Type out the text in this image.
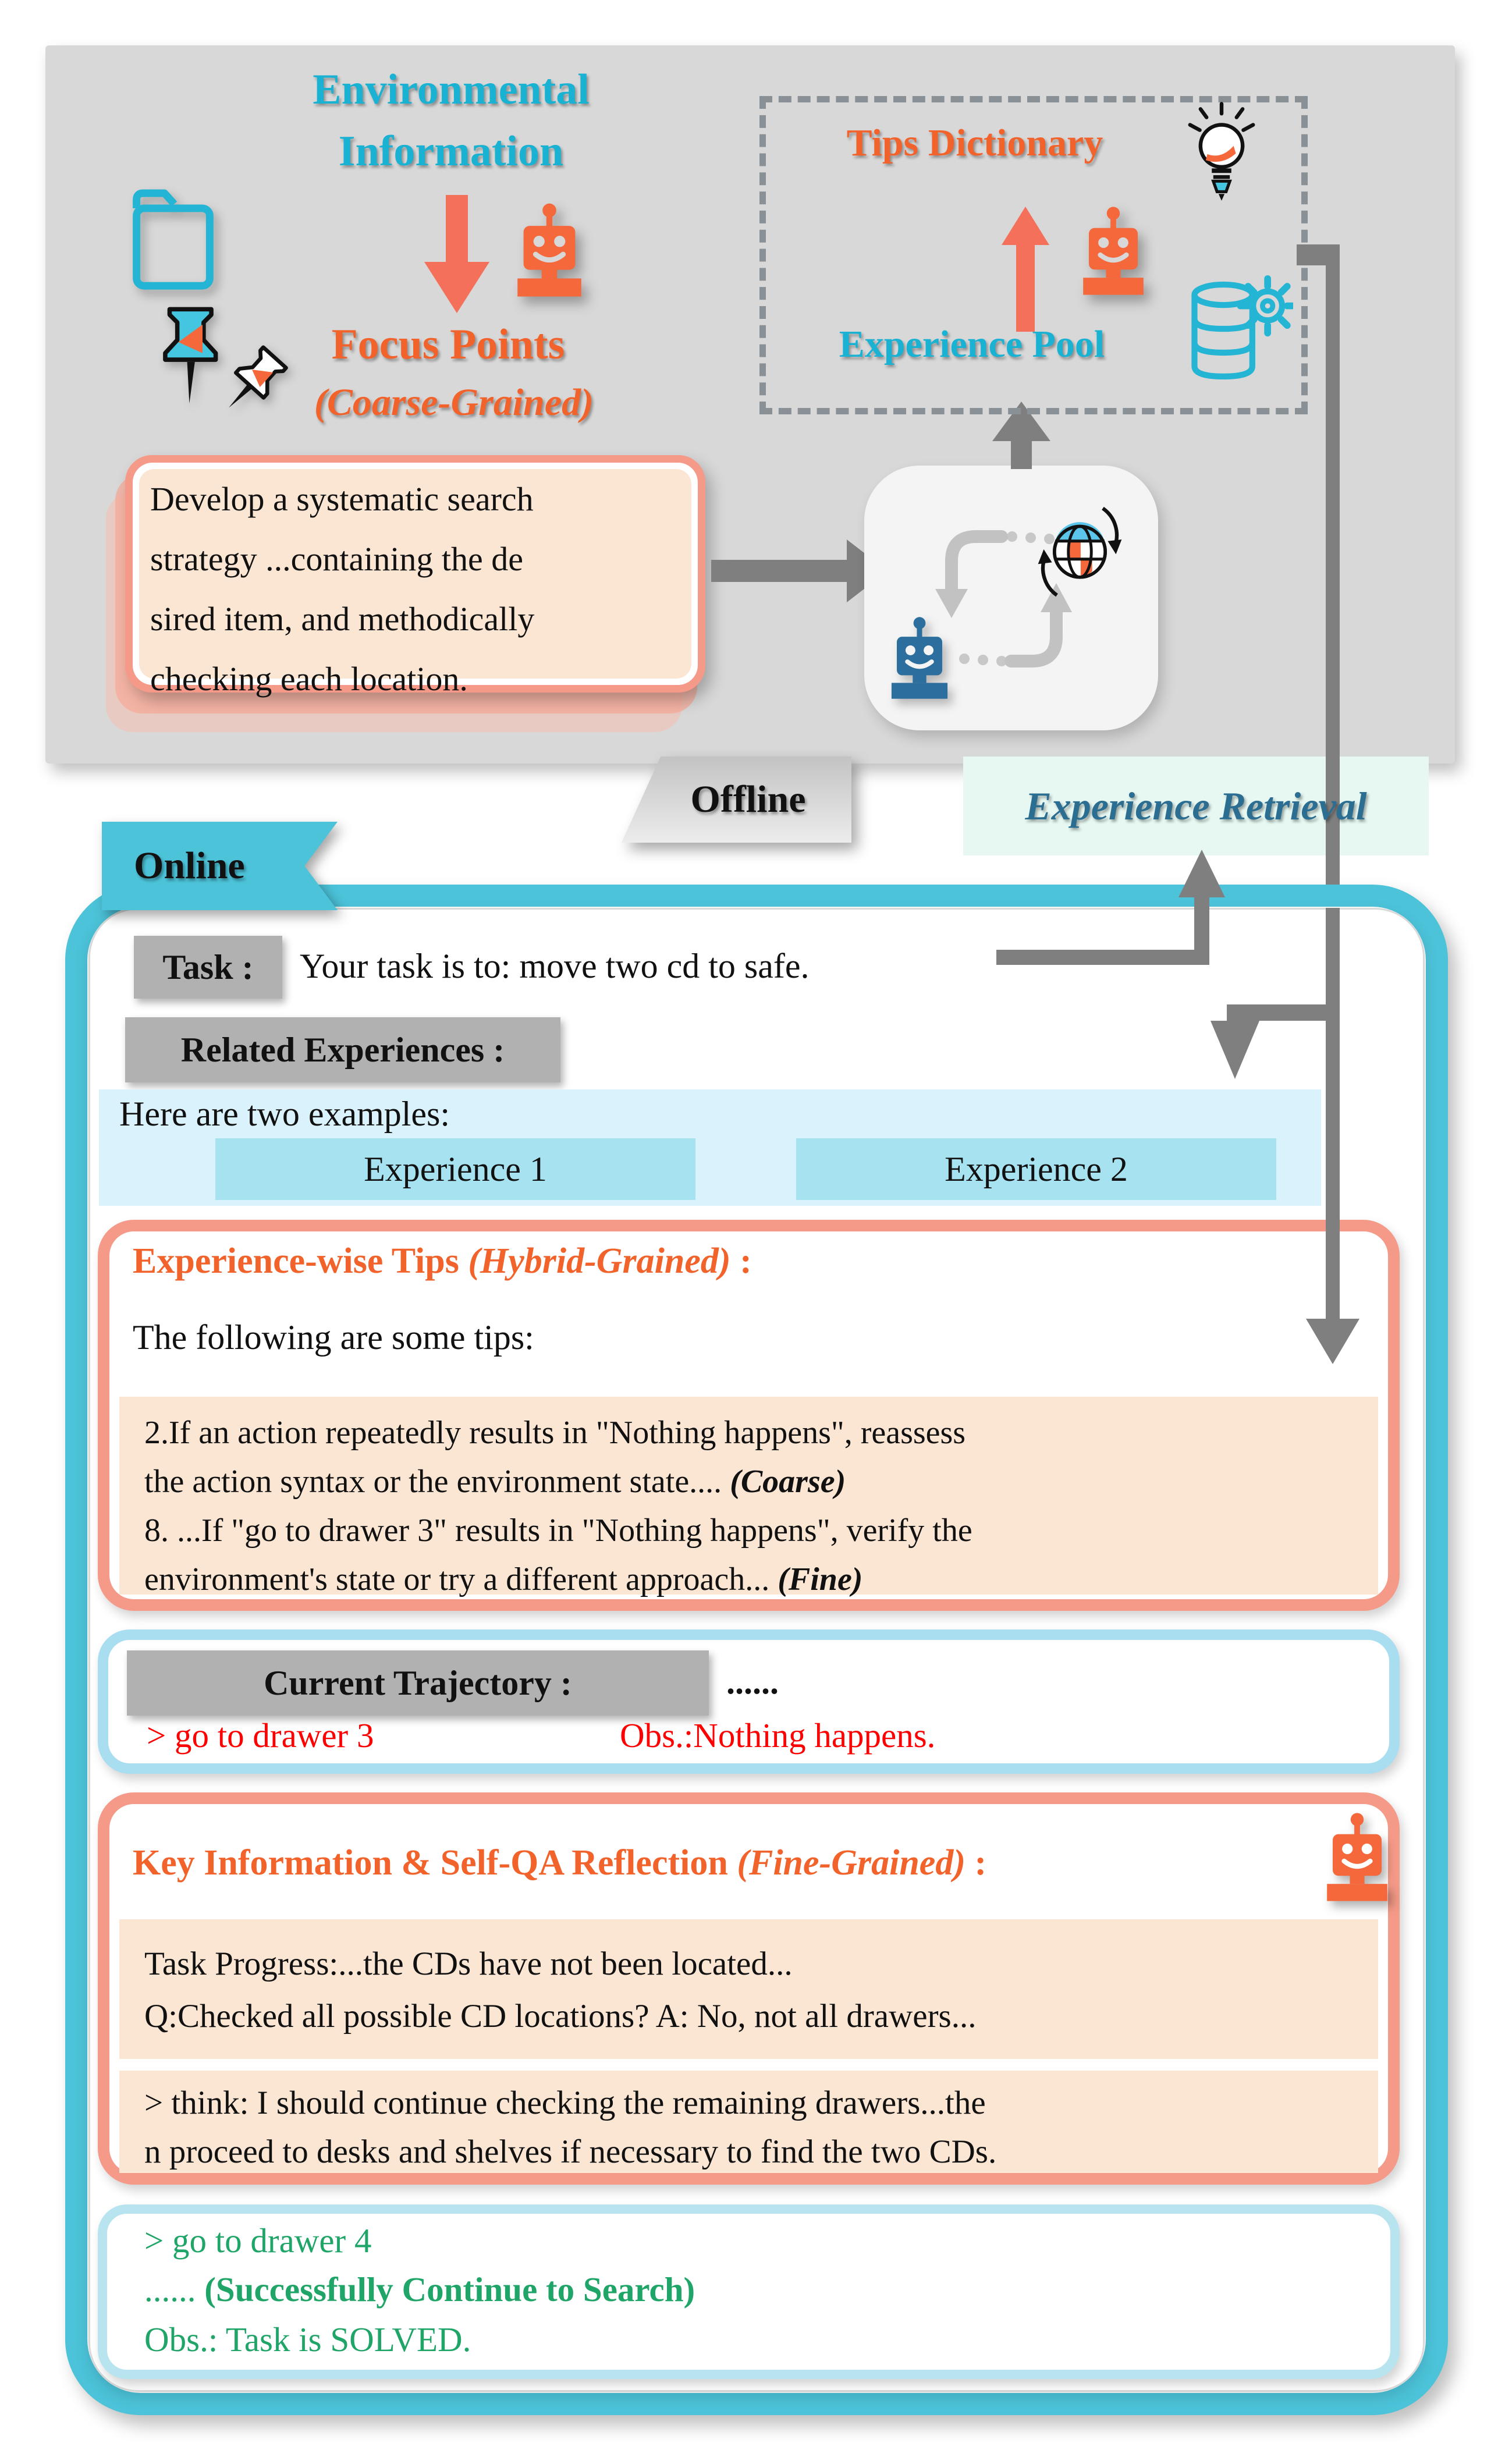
Environmental
Information
Focus Points
(Coarse-Grained)
Develop a systematic search
strategy ...containing the de
sired item, and methodically
checking each location.
Tips Dictionary
Experience Pool
Experience Retrieval
Offline
Online
Task : Your task is to: move two cd to safe.
Related Experiences :
Here are two examples:
Experience 1	Experience 2
Experience-wise Tips (Hybrid-Grained) :
The following are some tips:
2.If an action repeatedly results in "Nothing happens", reassess
the action syntax or the environment state.... (Coarse)
8. ...If "go to drawer 3" results in "Nothing happens", verify the
environment's state or try a different approach... (Fine)
Current Trajectory :	......
> go to drawer 3	Obs.:Nothing happens.
Key Information & Self-QA Reflection (Fine-Grained) :
Task Progress:...the CDs have not been located...
Q:Checked all possible CD locations? A: No, not all drawers...
> think: I should continue checking the remaining drawers...the
n proceed to desks and shelves if necessary to find the two CDs.
> go to drawer 4
...... (Successfully Continue to Search)
Obs.: Task is SOLVED.
